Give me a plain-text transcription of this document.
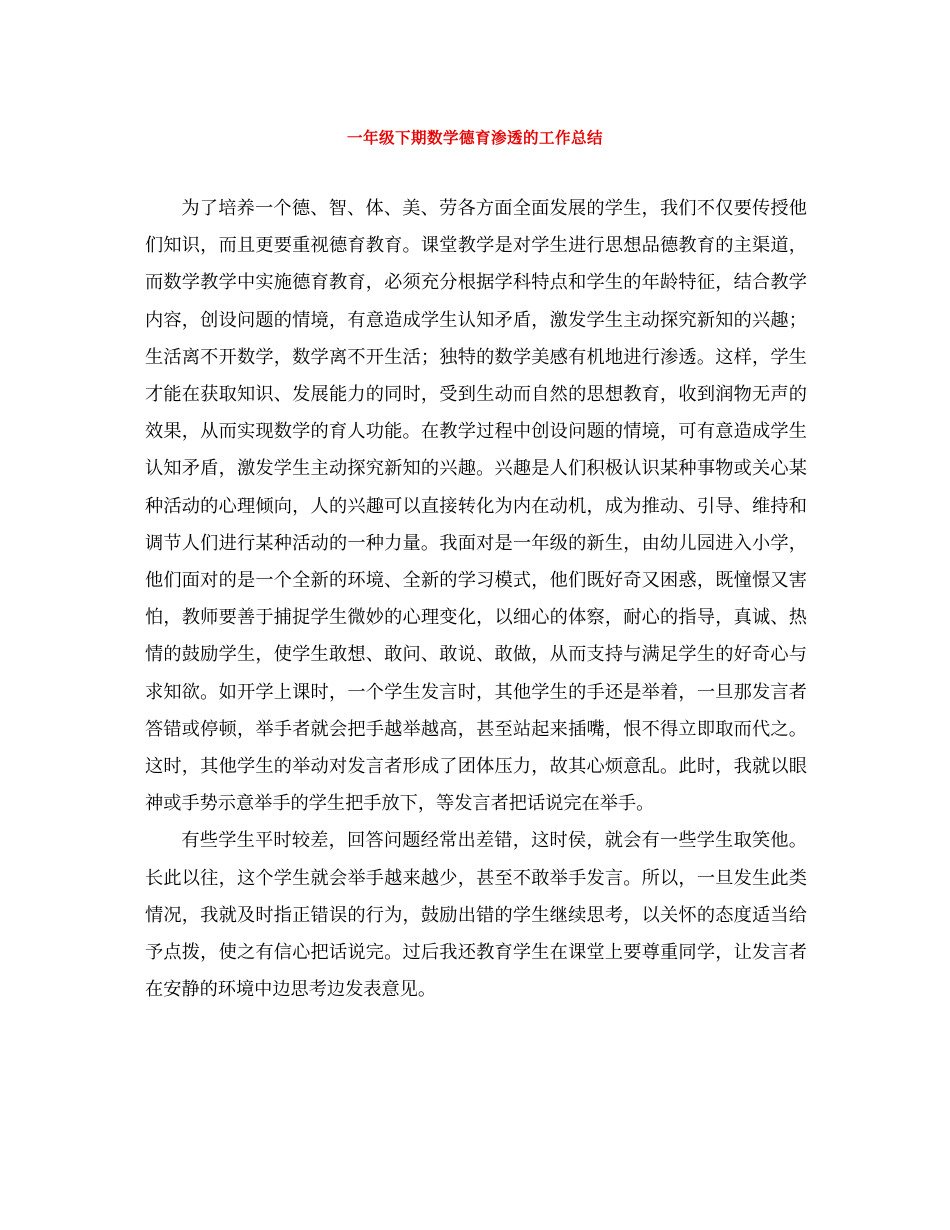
一年级下期数学德育渗透的工作总结

为了培养一个德、智、体、美、劳各方面全面发展的学生，我们不仅要传授他们知识，而且更要重视德育教育。课堂教学是对学生进行思想品德教育的主渠道，而数学教学中实施德育教育，必须充分根据学科特点和学生的年龄特征，结合教学内容，创设问题的情境，有意造成学生认知矛盾，激发学生主动探究新知的兴趣；生活离不开数学，数学离不开生活；独特的数学美感有机地进行渗透。这样，学生才能在获取知识、发展能力的同时，受到生动而自然的思想教育，收到润物无声的效果，从而实现数学的育人功能。在教学过程中创设问题的情境，可有意造成学生认知矛盾，激发学生主动探究新知的兴趣。兴趣是人们积极认识某种事物或关心某种活动的心理倾向，人的兴趣可以直接转化为内在动机，成为推动、引导、维持和调节人们进行某种活动的一种力量。我面对是一年级的新生，由幼儿园进入小学，他们面对的是一个全新的环境、全新的学习模式，他们既好奇又困惑，既憧憬又害怕，教师要善于捕捉学生微妙的心理变化，以细心的体察，耐心的指导，真诚、热情的鼓励学生，使学生敢想、敢问、敢说、敢做，从而支持与满足学生的好奇心与求知欲。如开学上课时，一个学生发言时，其他学生的手还是举着，一旦那发言者答错或停顿，举手者就会把手越举越高，甚至站起来插嘴，恨不得立即取而代之。这时，其他学生的举动对发言者形成了团体压力，故其心烦意乱。此时，我就以眼神或手势示意举手的学生把手放下，等发言者把话说完在举手。

有些学生平时较差，回答问题经常出差错，这时侯，就会有一些学生取笑他。长此以往，这个学生就会举手越来越少，甚至不敢举手发言。所以，一旦发生此类情况，我就及时指正错误的行为，鼓励出错的学生继续思考，以关怀的态度适当给予点拨，使之有信心把话说完。过后我还教育学生在课堂上要尊重同学，让发言者在安静的环境中边思考边发表意见。
